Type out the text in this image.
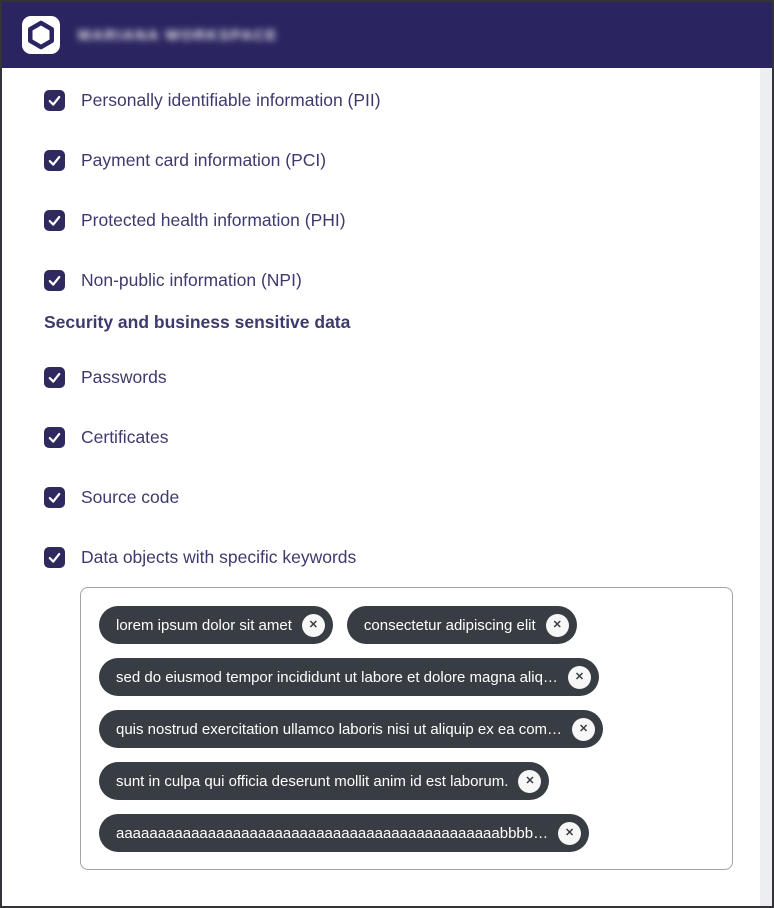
MARIANA WORKSPACE
Personally identifiable information (PII)
Payment card information (PCI)
Protected health information (PHI)
Non-public information (NPI)
Security and business sensitive data
Passwords
Certificates
Source code
Data objects with specific keywords
lorem ipsum dolor sit amet	✕	consectetur adipiscing elit	✕
sed do eiusmod tempor incididunt ut labore et dolore magna aliq…	✕
quis nostrud exercitation ullamco laboris nisi ut aliquip ex ea com…	✕
sunt in culpa qui officia deserunt mollit anim id est laborum.	✕
aaaaaaaaaaaaaaaaaaaaaaaaaaaaaaaaaaaaaaaaaaaaaabbbb…	✕
